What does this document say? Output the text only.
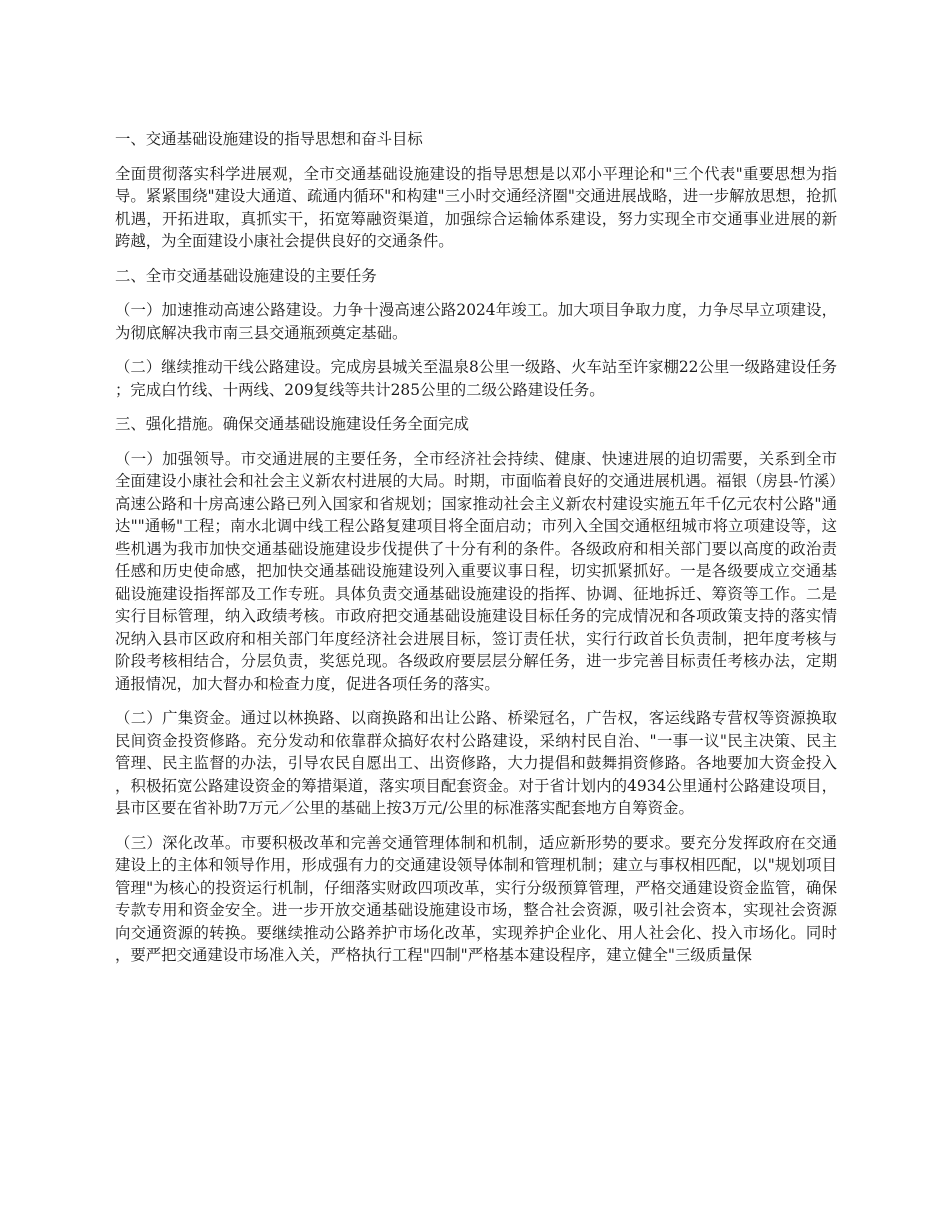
一、交通基础设施建设的指导思想和奋斗目标

全面贯彻落实科学进展观，全市交通基础设施建设的指导思想是以邓小平理论和"三个代表"重要思想为指导。紧紧围绕"建设大通道、疏通内循环"和构建"三小时交通经济圈"交通进展战略，进一步解放思想，抢抓机遇，开拓进取，真抓实干，拓宽筹融资渠道，加强综合运输体系建设，努力实现全市交通事业进展的新跨越，为全面建设小康社会提供良好的交通条件。

二、全市交通基础设施建设的主要任务

（一）加速推动高速公路建设。力争十漫高速公路2024年竣工。加大项目争取力度，力争尽早立项建设，为彻底解决我市南三县交通瓶颈奠定基础。

（二）继续推动干线公路建设。完成房县城关至温泉8公里一级路、火车站至许家棚22公里一级路建设任务；完成白竹线、十两线、209复线等共计285公里的二级公路建设任务。

三、强化措施。确保交通基础设施建设任务全面完成

（一）加强领导。市交通进展的主要任务，全市经济社会持续、健康、快速进展的迫切需要，关系到全市全面建设小康社会和社会主义新农村进展的大局。时期，市面临着良好的交通进展机遇。福银（房县-竹溪）高速公路和十房高速公路已列入国家和省规划；国家推动社会主义新农村建设实施五年千亿元农村公路"通达""通畅"工程；南水北调中线工程公路复建项目将全面启动；市列入全国交通枢纽城市将立项建设等，这些机遇为我市加快交通基础设施建设步伐提供了十分有利的条件。各级政府和相关部门要以高度的政治责任感和历史使命感，把加快交通基础设施建设列入重要议事日程，切实抓紧抓好。一是各级要成立交通基础设施建设指挥部及工作专班。具体负责交通基础设施建设的指挥、协调、征地拆迁、筹资等工作。二是实行目标管理，纳入政绩考核。市政府把交通基础设施建设目标任务的完成情况和各项政策支持的落实情况纳入县市区政府和相关部门年度经济社会进展目标，签订责任状，实行行政首长负责制，把年度考核与阶段考核相结合，分层负责，奖惩兑现。各级政府要层层分解任务，进一步完善目标责任考核办法，定期通报情况，加大督办和检查力度，促进各项任务的落实。

（二）广集资金。通过以林换路、以商换路和出让公路、桥梁冠名，广告权，客运线路专营权等资源换取民间资金投资修路。充分发动和依靠群众搞好农村公路建设，采纳村民自治、"一事一议"民主决策、民主管理、民主监督的办法，引导农民自愿出工、出资修路，大力提倡和鼓舞捐资修路。各地要加大资金投入，积极拓宽公路建设资金的筹措渠道，落实项目配套资金。对于省计划内的4934公里通村公路建设项目，县市区要在省补助7万元／公里的基础上按3万元/公里的标准落实配套地方自筹资金。

（三）深化改革。市要积极改革和完善交通管理体制和机制，适应新形势的要求。要充分发挥政府在交通建设上的主体和领导作用，形成强有力的交通建设领导体制和管理机制；建立与事权相匹配，以"规划项目管理"为核心的投资运行机制，仔细落实财政四项改革，实行分级预算管理，严格交通建设资金监管，确保专款专用和资金安全。进一步开放交通基础设施建设市场，整合社会资源，吸引社会资本，实现社会资源向交通资源的转换。要继续推动公路养护市场化改革，实现养护企业化、用人社会化、投入市场化。同时，要严把交通建设市场准入关，严格执行工程"四制"严格基本建设程序，建立健全"三级质量保
